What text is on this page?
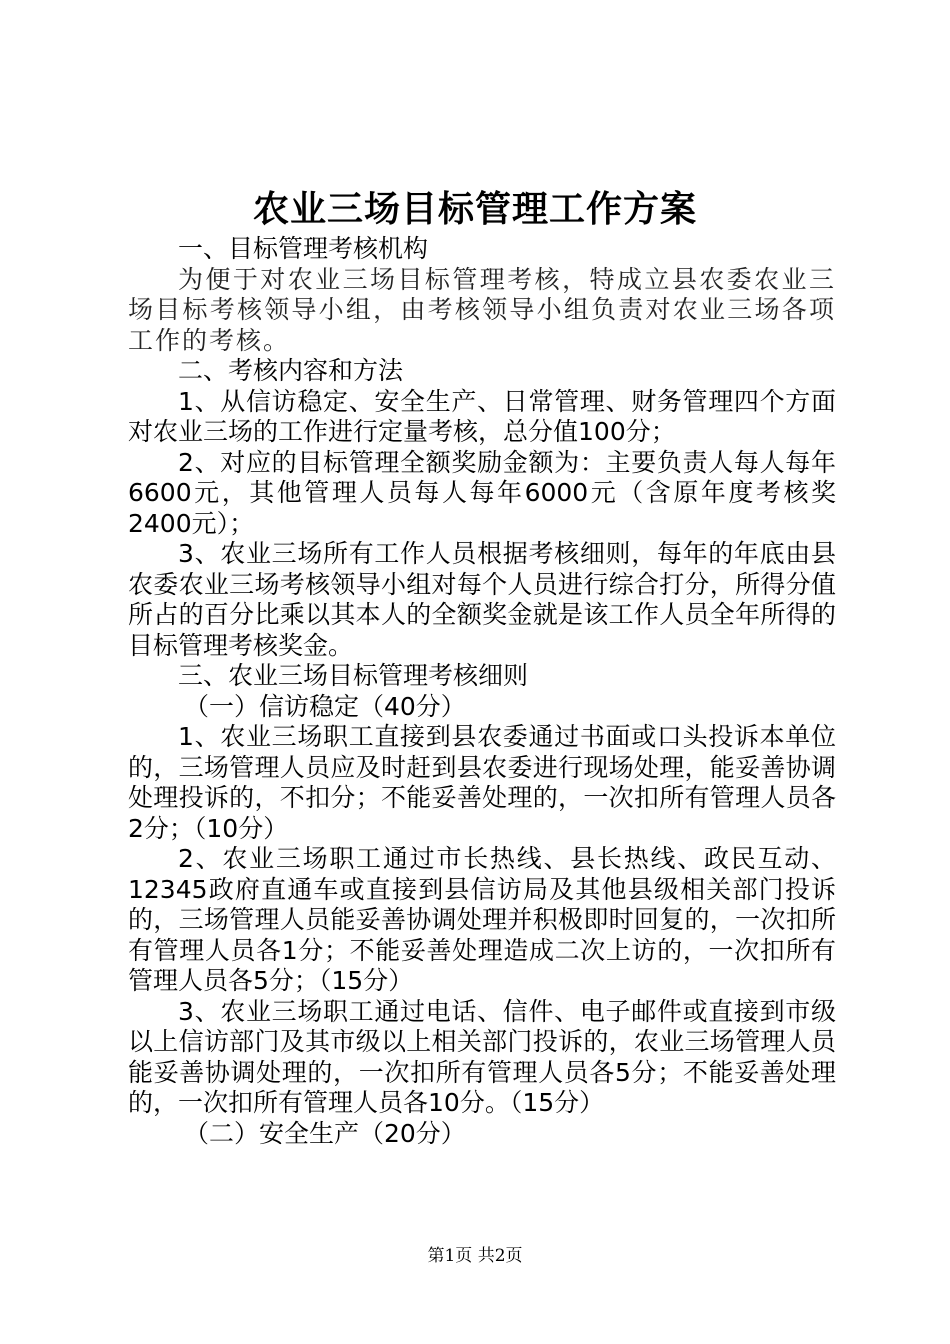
农业三场目标管理工作方案

一、目标管理考核机构

为便于对农业三场目标管理考核，特成立县农委农业三场目标考核领导小组，由考核领导小组负责对农业三场各项工作的考核。

二、考核内容和方法

1、从信访稳定、安全生产、日常管理、财务管理四个方面对农业三场的工作进行定量考核，总分值100分；

2、对应的目标管理全额奖励金额为：主要负责人每人每年6600元，其他管理人员每人每年6000元（含原年度考核奖2400元）；

3、农业三场所有工作人员根据考核细则，每年的年底由县农委农业三场考核领导小组对每个人员进行综合打分，所得分值所占的百分比乘以其本人的全额奖金就是该工作人员全年所得的目标管理考核奖金。

三、农业三场目标管理考核细则

（一）信访稳定（40分）

1、农业三场职工直接到县农委通过书面或口头投诉本单位的，三场管理人员应及时赶到县农委进行现场处理，能妥善协调处理投诉的，不扣分；不能妥善处理的，一次扣所有管理人员各2分；（10分）

2、农业三场职工通过市长热线、县长热线、政民互动、12345政府直通车或直接到县信访局及其他县级相关部门投诉的，三场管理人员能妥善协调处理并积极即时回复的，一次扣所有管理人员各1分；不能妥善处理造成二次上访的，一次扣所有管理人员各5分；（15分）

3、农业三场职工通过电话、信件、电子邮件或直接到市级以上信访部门及其市级以上相关部门投诉的，农业三场管理人员能妥善协调处理的，一次扣所有管理人员各5分；不能妥善处理的，一次扣所有管理人员各10分。（15分）

（二）安全生产（20分）

第1页 共2页
